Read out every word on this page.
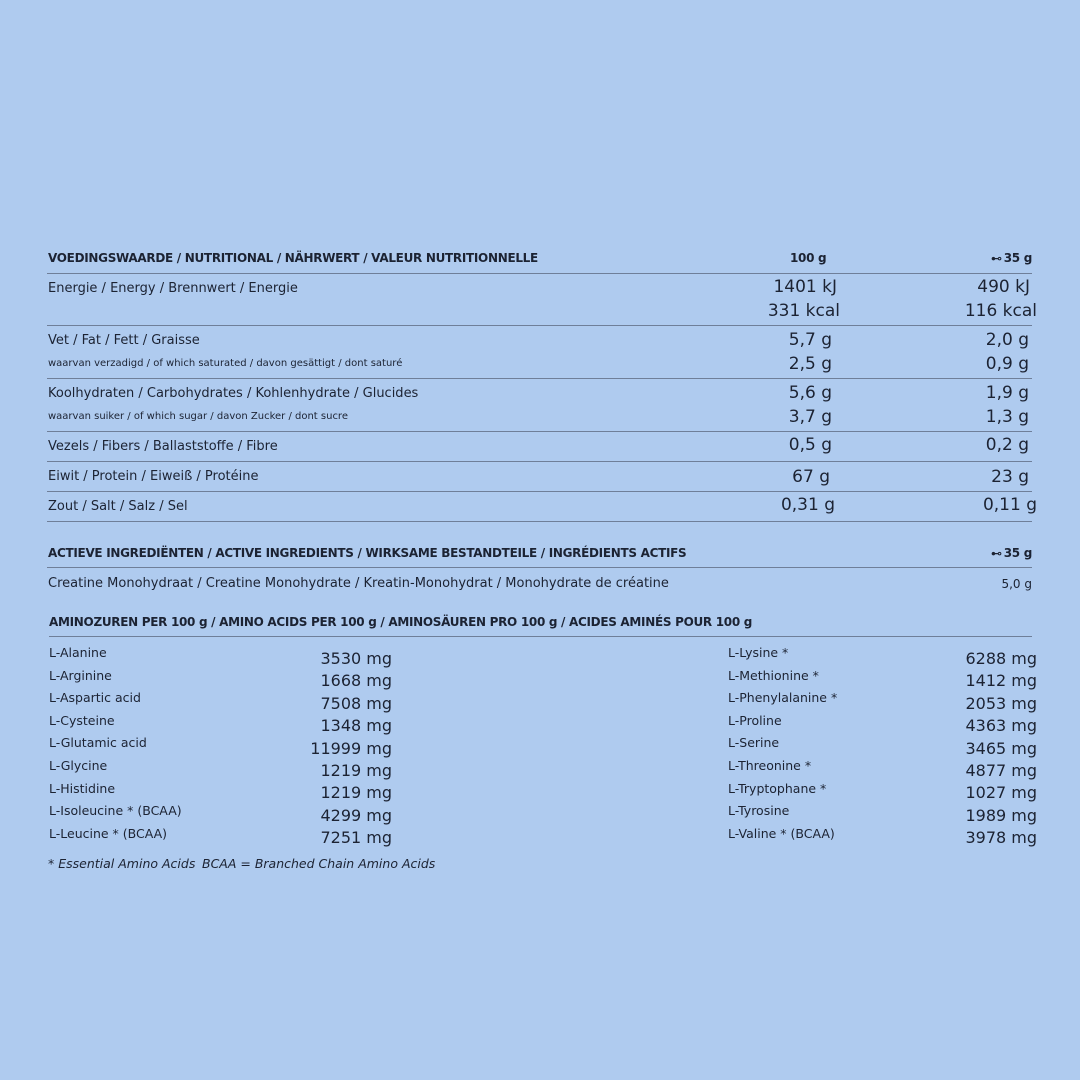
VOEDINGSWAARDE / NUTRITIONAL / NÄHRWERT / VALEUR NUTRITIONNELLE	100 g	⊷ 35 g
Energie / Energy / Brennwert / Energie	1401 kJ	490 kJ
331 kcal	116 kcal
Vet / Fat / Fett / Graisse	5,7 g	2,0 g
waarvan verzadigd / of which saturated / davon gesättigt / dont saturé	2,5 g	0,9 g
Koolhydraten / Carbohydrates / Kohlenhydrate / Glucides	5,6 g	1,9 g
waarvan suiker / of which sugar / davon Zucker / dont sucre	3,7 g	1,3 g
Vezels / Fibers / Ballaststoffe / Fibre	0,5 g	0,2 g
Eiwit / Protein / Eiweiß / Protéine	67 g	23 g
Zout / Salt / Salz / Sel	0,31 g	0,11 g
ACTIEVE INGREDIËNTEN / ACTIVE INGREDIENTS / WIRKSAME BESTANDTEILE / INGRÉDIENTS ACTIFS	⊷ 35 g
Creatine Monohydraat / Creatine Monohydrate / Kreatin-Monohydrat / Monohydrate de créatine	5,0 g
AMINOZUREN PER 100 g / AMINO ACIDS PER 100 g / AMINOSÄUREN PRO 100 g / ACIDES AMINÉS POUR 100 g
L-Alanine	3530 mg
L-Arginine	1668 mg
L-Aspartic acid	7508 mg
L-Cysteine	1348 mg
L-Glutamic acid	11999 mg
L-Glycine	1219 mg
L-Histidine	1219 mg
L-Isoleucine * (BCAA)	4299 mg
L-Leucine * (BCAA)	7251 mg
L-Lysine *	6288 mg
L-Methionine *	1412 mg
L-Phenylalanine *	2053 mg
L-Proline	4363 mg
L-Serine	3465 mg
L-Threonine *	4877 mg
L-Tryptophane *	1027 mg
L-Tyrosine	1989 mg
L-Valine * (BCAA)	3978 mg
* Essential Amino Acids BCAA = Branched Chain Amino Acids
